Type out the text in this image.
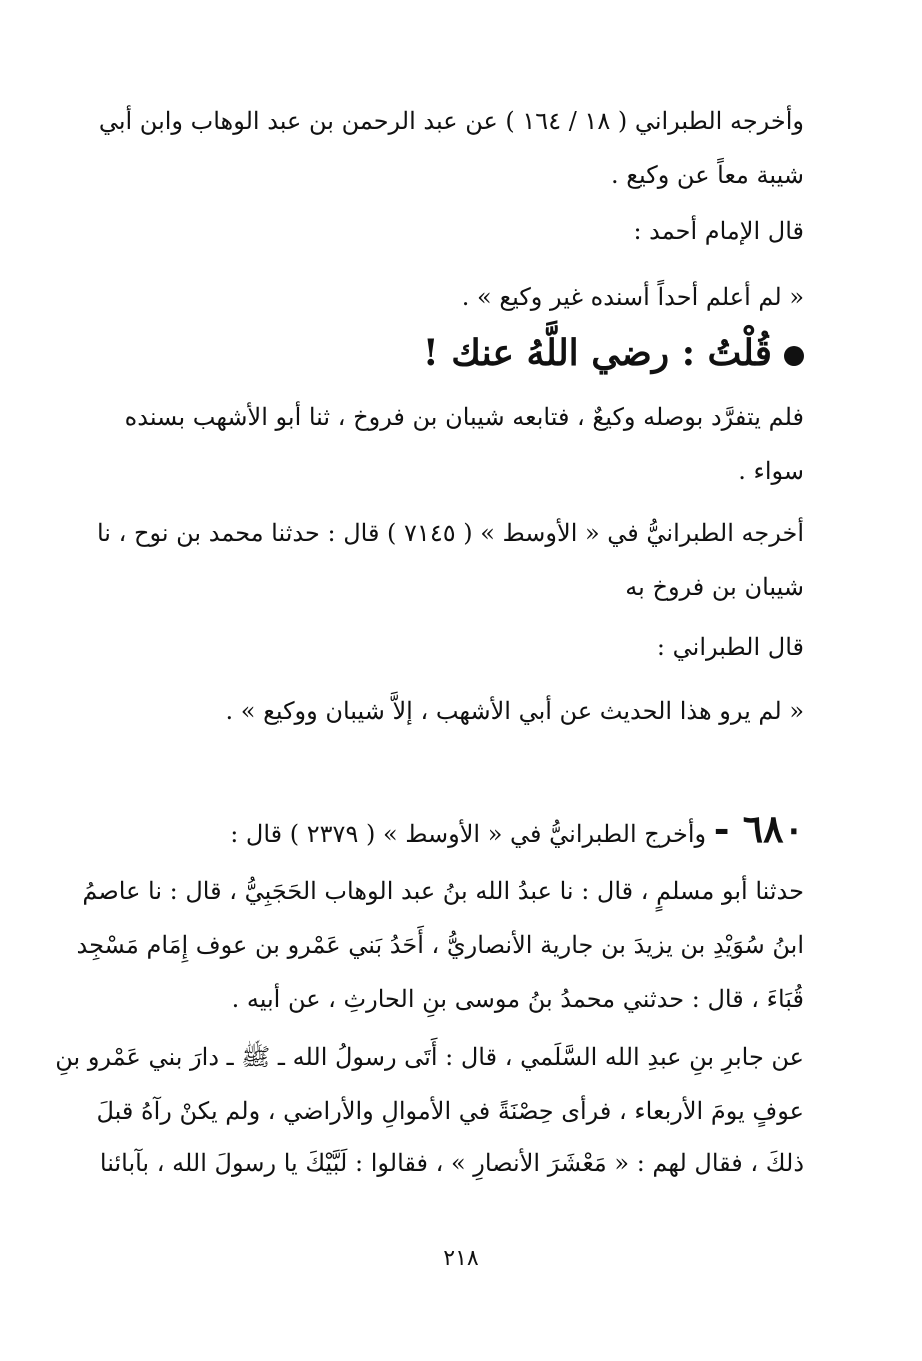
وأخرجه الطبراني ( ١٨ / ١٦٤ ) عن عبد الرحمن بن عبد الوهاب وابن أبي
شيبة معاً عن وكيع .
قال الإمام أحمد :
« لم أعلم أحداً أسنده غير وكيع » .
قُلْتُ : رضي اللَّهُ عنك !
فلم يتفرَّد بوصله وكيعٌ ، فتابعه شيبان بن فروخ ، ثنا أبو الأشهب بسنده
سواء .
أخرجه الطبرانيُّ في « الأوسط » ( ٧١٤٥ ) قال : حدثنا محمد بن نوح ، نا
شيبان بن فروخ به
قال الطبراني :
« لم يرو هذا الحديث عن أبي الأشهب ، إلاَّ شيبان ووكيع » .
٦٨٠ - وأخرج الطبرانيُّ في « الأوسط » ( ٢٣٧٩ ) قال :
حدثنا أبو مسلمٍ ، قال : نا عبدُ الله بنُ عبد الوهاب الحَجَبِيُّ ، قال : نا عاصمُ
ابنُ سُوَيْدِ بن يزيدَ بن جارية الأنصاريُّ ، أَحَدُ بَني عَمْرو بن عوف إِمَام مَسْجِد
قُبَاءَ ، قال : حدثني محمدُ بنُ موسى بنِ الحارثِ ، عن أبيه .
عن جابرِ بنِ عبدِ الله السَّلَمي ، قال : أَتَى رسولُ الله ـ ﷺ ـ دارَ بني عَمْرو بنِ
عوفٍ يومَ الأربعاء ، فرأى حِصْنَةً في الأموالِ والأراضي ، ولم يكنْ رآهُ قبلَ
ذلكَ ، فقال لهم : « مَعْشَرَ الأنصارِ » ، فقالوا : لَبَّيْكَ يا رسولَ الله ، بآبائنا
٢١٨
